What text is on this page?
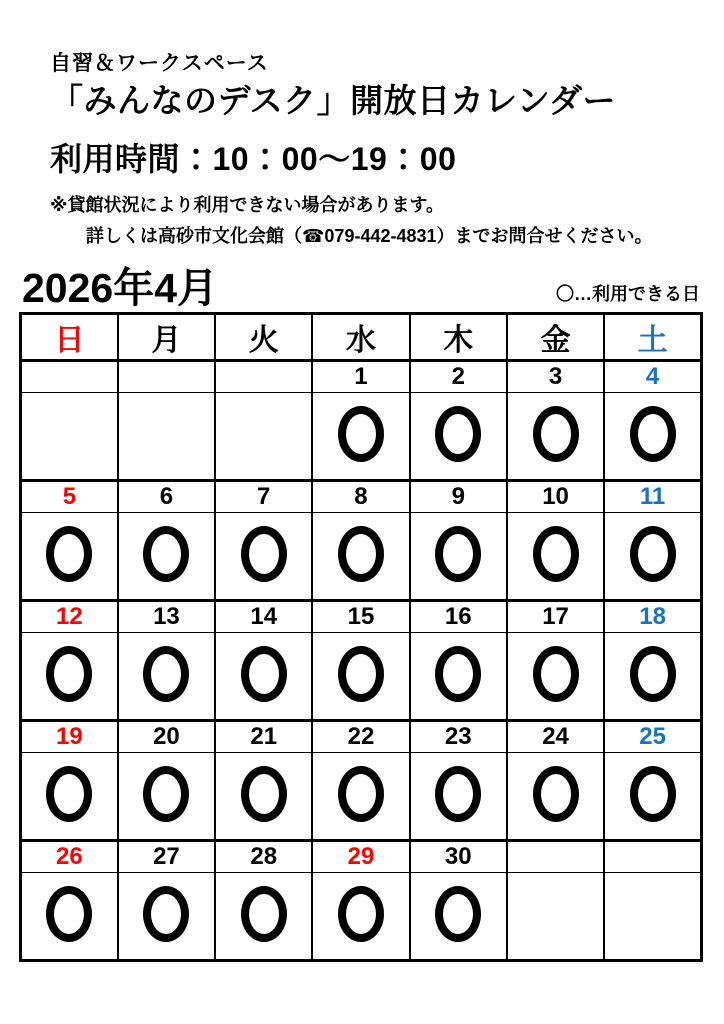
自習＆ワークスペース
「みんなのデスク」開放日カレンダー
利用時間：10：00～19：00
※貸館状況により利用できない場合があります。
詳しくは高砂市文化会館（☎079-442-4831）までお問合せください。
2026年4月	〇…利用できる日
日	月	火	水	木	金	土
			1	2	3	4

5	6	7	8	9	10	11

12	13	14	15	16	17	18

19	20	21	22	23	24	25

26	27	28	29	30		
